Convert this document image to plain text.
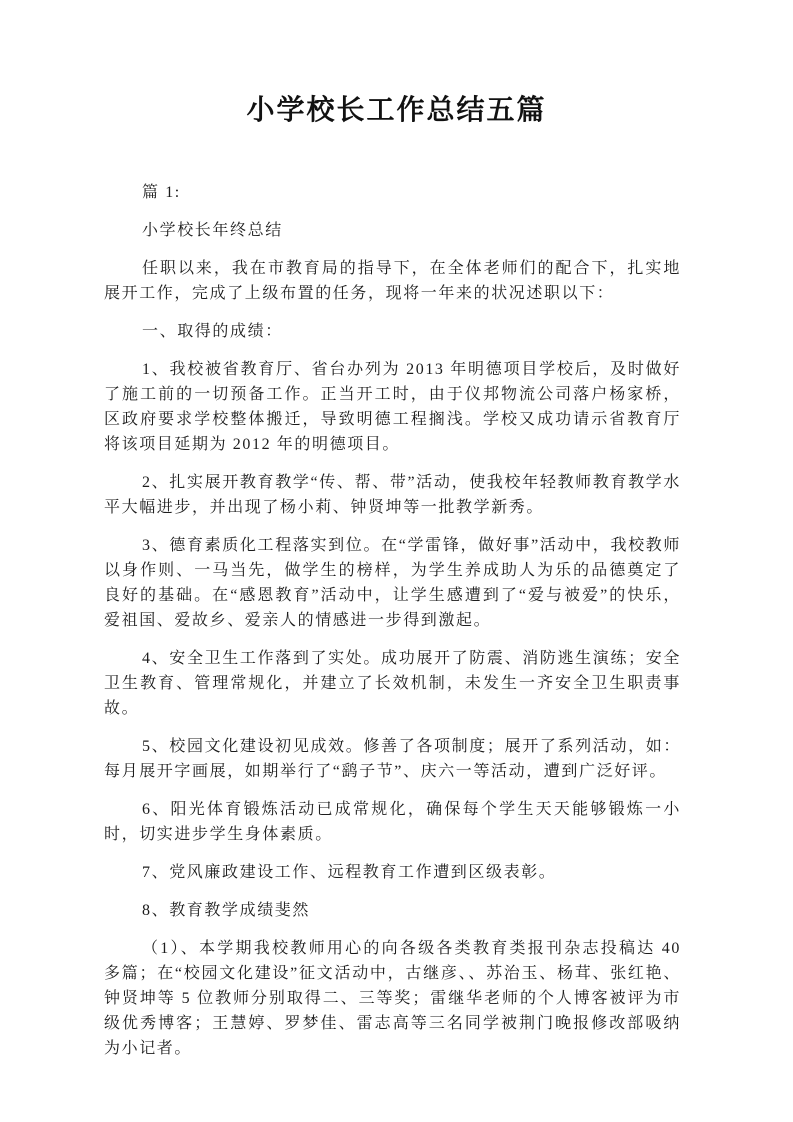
小学校长工作总结五篇

篇 1:

小学校长年终总结

任职以来，我在市教育局的指导下，在全体老师们的配合下，扎实地展开工作，完成了上级布置的任务，现将一年来的状况述职以下：

一、取得的成绩：

1、我校被省教育厅、省台办列为 2013 年明德项目学校后，及时做好了施工前的一切预备工作。正当开工时，由于仪邦物流公司落户杨家桥，区政府要求学校整体搬迁，导致明德工程搁浅。学校又成功请示省教育厅将该项目延期为 2012 年的明德项目。

2、扎实展开教育教学“传、帮、带”活动，使我校年轻教师教育教学水平大幅进步，并出现了杨小莉、钟贤坤等一批教学新秀。

3、德育素质化工程落实到位。在“学雷锋，做好事”活动中，我校教师以身作则、一马当先，做学生的榜样，为学生养成助人为乐的品德奠定了良好的基础。在“感恩教育”活动中，让学生感遭到了“爱与被爱”的快乐，爱祖国、爱故乡、爱亲人的情感进一步得到激起。

4、安全卫生工作落到了实处。成功展开了防震、消防逃生演练；安全卫生教育、管理常规化，并建立了长效机制，未发生一齐安全卫生职责事故。

5、校园文化建设初见成效。修善了各项制度；展开了系列活动，如：每月展开字画展，如期举行了“鹞子节”、庆六一等活动，遭到广泛好评。

6、阳光体育锻炼活动已成常规化，确保每个学生天天能够锻炼一小时，切实进步学生身体素质。

7、党风廉政建设工作、远程教育工作遭到区级表彰。

8、教育教学成绩斐然

（1）、本学期我校教师用心的向各级各类教育类报刊杂志投稿达 40 多篇；在“校园文化建设”征文活动中，古继彦、、苏治玉、杨茸、张红艳、钟贤坤等 5 位教师分别取得二、三等奖；雷继华老师的个人博客被评为市级优秀博客；王慧婷、罗梦佳、雷志高等三名同学被荆门晚报修改部吸纳为小记者。
